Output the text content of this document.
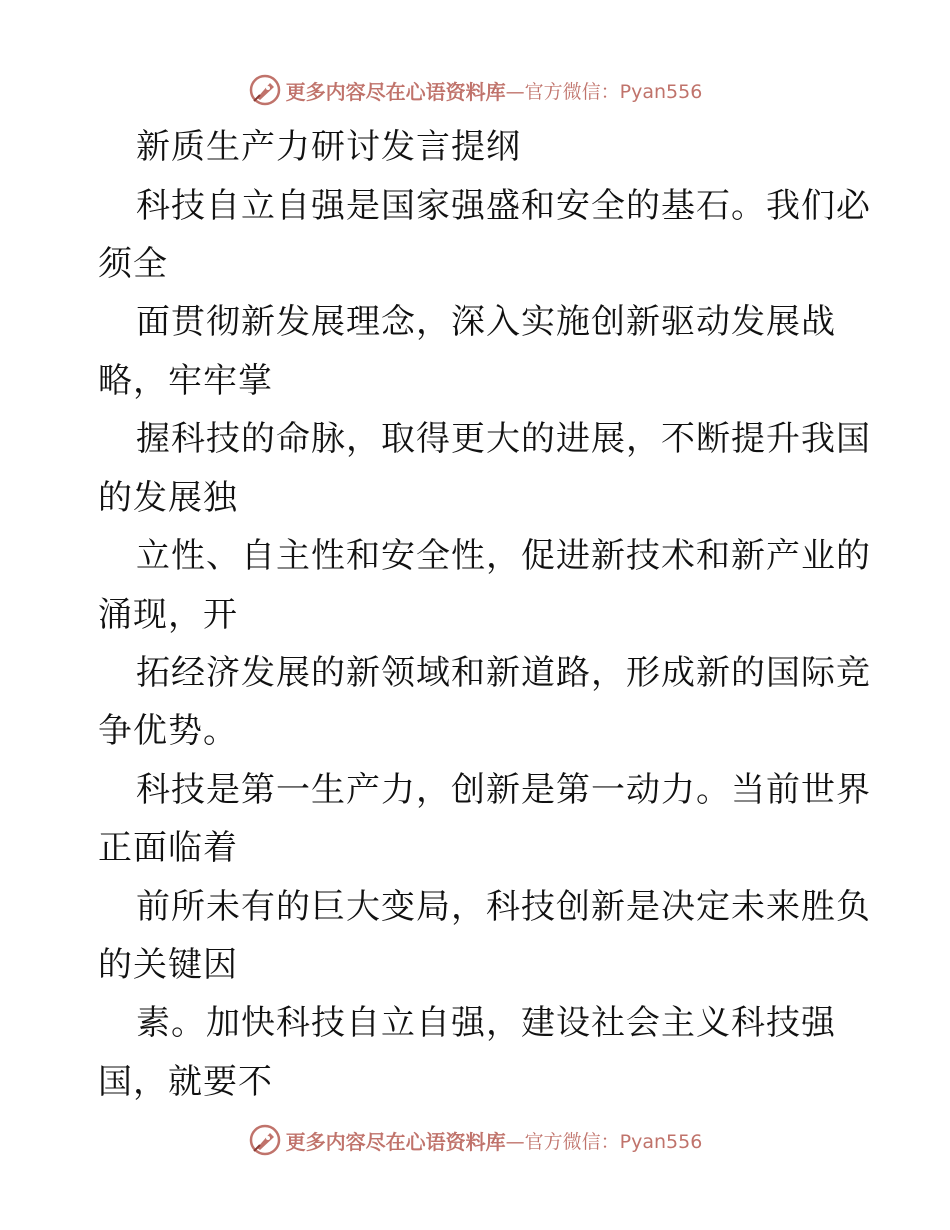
更多内容尽在心语资料库 —官方微信：Pyan556
新质生产力研讨发言提纲
科技自立自强是国家强盛和安全的基石。我们必
须全
面贯彻新发展理念，深入实施创新驱动发展战
略，牢牢掌
握科技的命脉，取得更大的进展，不断提升我国
的发展独
立性、自主性和安全性，促进新技术和新产业的
涌现，开
拓经济发展的新领域和新道路，形成新的国际竞
争优势。
科技是第一生产力，创新是第一动力。当前世界
正面临着
前所未有的巨大变局，科技创新是决定未来胜负
的关键因
素。加快科技自立自强，建设社会主义科技强
国，就要不
更多内容尽在心语资料库 —官方微信：Pyan556
